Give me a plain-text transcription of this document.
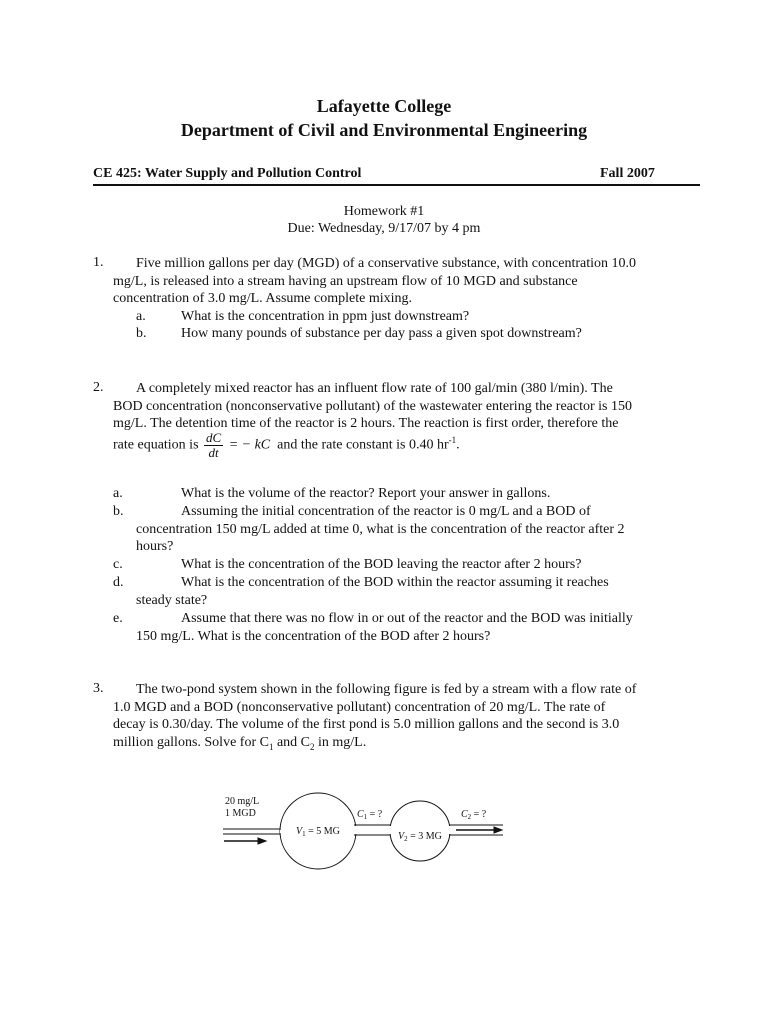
Lafayette College
Department of Civil and Environmental Engineering
CE 425: Water Supply and Pollution Control	Fall 2007
Homework #1
Due: Wednesday, 9/17/07 by 4 pm
1. Five million gallons per day (MGD) of a conservative substance, with concentration 10.0
mg/L, is released into a stream having an upstream flow of 10 MGD and substance
concentration of 3.0 mg/L. Assume complete mixing.
a.	What is the concentration in ppm just downstream?
b. How many pounds of substance per day pass a given spot downstream?
2. A completely mixed reactor has an influent flow rate of 100 gal/min (380 l/min). The
BOD concentration (nonconservative pollutant) of the wastewater entering the reactor is 150
mg/L. The detention time of the reactor is 2 hours. The reaction is first order, therefore the
rate equation is $\frac{dC}{dt}$ = − kC and the rate constant is 0.40 $hr^{-1}$.
a.	What is the volume of the reactor? Report your answer in gallons.
b.	Assuming the initial concentration of the reactor is 0 mg/L and a BOD of
concentration 150 mg/L added at time 0, what is the concentration of the reactor after 2
hours?
c.	What is the concentration of the BOD leaving the reactor after 2 hours?
d.	What is the concentration of the BOD within the reactor assuming it reaches
steady state?
e.	Assume that there was no flow in or out of the reactor and the BOD was initially
150 mg/L. What is the concentration of the BOD after 2 hours?
3. The two-pond system shown in the following figure is fed by a stream with a flow rate of
1.0 MGD and a BOD (nonconservative pollutant) concentration of 20 mg/L. The rate of
decay is 0.30/day. The volume of the first pond is 5.0 million gallons and the second is 3.0
million gallons. Solve for $C_1$ and $C_2$ in mg/L.
20 mg/L
1 MGD
$V_1 = 5$ MG	$V_2 = 3$ MG
$C_1$ = ?	$C_2$ = ?
